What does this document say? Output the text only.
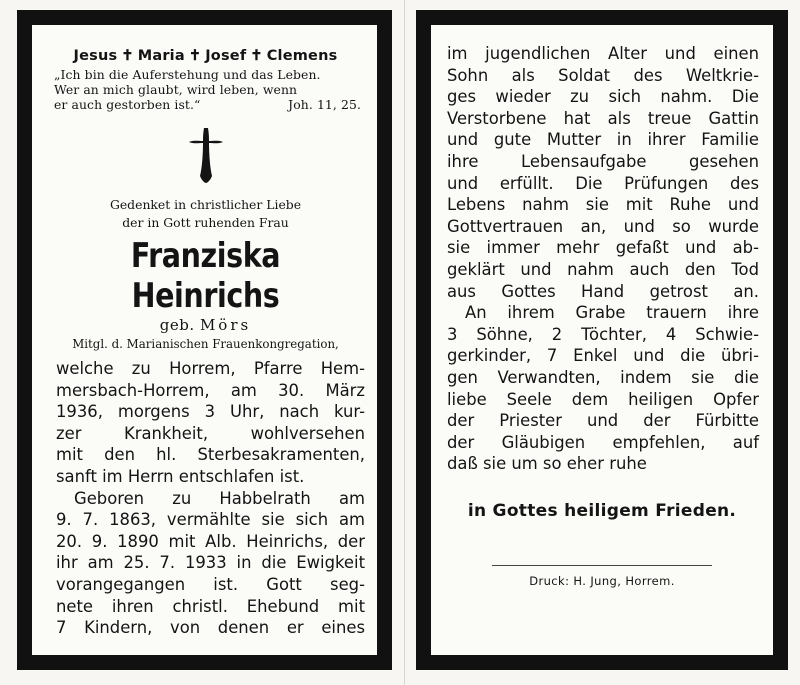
Jesus ✝ Maria ✝ Josef ✝ Clemens

„Ich bin die Auferstehung und das Leben.
Wer an mich glaubt, wird leben, wenn
er auch gestorben ist.“	Joh. 11, 25.
Gedenket in christlicher Liebe
der in Gott ruhenden Frau
Franziska Heinrichs
geb. Mörs
Mitgl. d. Marianischen Frauenkongregation,
welche zu Horrem, Pfarre Hem-
mersbach-Horrem, am 30. März
1936, morgens 3 Uhr, nach kur-
zer Krankheit, wohlversehen
mit den hl. Sterbesakramenten,
sanft im Herrn entschlafen ist.
Geboren zu Habbelrath am
9. 7. 1863, vermählte sie sich am
20. 9. 1890 mit Alb. Heinrichs, der
ihr am 25. 7. 1933 in die Ewigkeit
vorangegangen ist. Gott seg-
nete ihren christl. Ehebund mit
7 Kindern, von denen er eines
im jugendlichen Alter und einen
Sohn als Soldat des Weltkrie-
ges wieder zu sich nahm. Die
Verstorbene hat als treue Gattin
und gute Mutter in ihrer Familie
ihre Lebensaufgabe gesehen
und erfüllt. Die Prüfungen des
Lebens nahm sie mit Ruhe und
Gottvertrauen an, und so wurde
sie immer mehr gefaßt und ab-
geklärt und nahm auch den Tod
aus Gottes Hand getrost an.
An ihrem Grabe trauern ihre
3 Söhne, 2 Töchter, 4 Schwie-
gerkinder, 7 Enkel und die übri-
gen Verwandten, indem sie die
liebe Seele dem heiligen Opfer
der Priester und der Fürbitte
der Gläubigen empfehlen, auf
daß sie um so eher ruhe
in Gottes heiligem Frieden.
Druck: H. Jung, Horrem.
